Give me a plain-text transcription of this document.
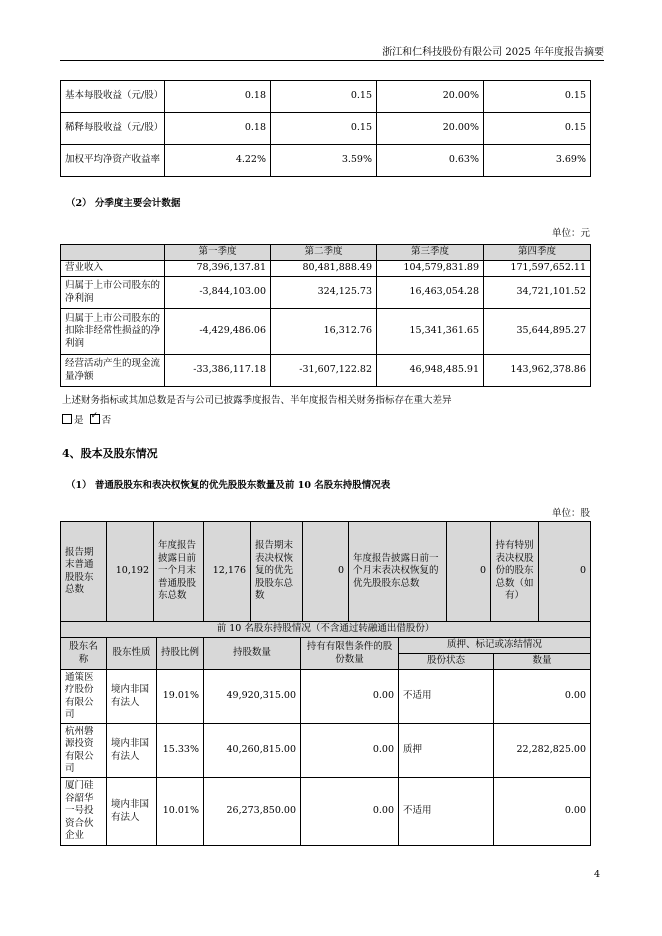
浙江和仁科技股份有限公司 2025 年年度报告摘要
基本每股收益（元/股）	0.18	0.15	20.00%	0.15
稀释每股收益（元/股）	0.18	0.15	20.00%	0.15
加权平均净资产收益率	4.22%	3.59%	0.63%	3.69%
（2） 分季度主要会计数据
单位：元
	第一季度	第二季度	第三季度	第四季度
营业收入	78,396,137.81	80,481,888.49	104,579,831.89	171,597,652.11
归属于上市公司股东的净利润	-3,844,103.00	324,125.73	16,463,054.28	34,721,101.52
归属于上市公司股东的扣除非经常性损益的净利润	-4,429,486.06	16,312.76	15,341,361.65	35,644,895.27
经营活动产生的现金流量净额	-33,386,117.18	-31,607,122.82	46,948,485.91	143,962,378.86
上述财务指标或其加总数是否与公司已披露季度报告、半年度报告相关财务指标存在重大差异
是 ✓ 否
4、股本及股东情况
（1） 普通股股东和表决权恢复的优先股股东数量及前 10 名股东持股情况表
单位：股
报告期末普通股股东总数	10,192	年度报告披露日前一个月末普通股股东总数	12,176	报告期末表决权恢复的优先股股东总数	0	年度报告披露日前一个月末表决权恢复的优先股股东总数	0	持有特别表决权股份的股东总数（如有）	0
前 10 名股东持股情况（不含通过转融通出借股份）						
股东名称	股东性质	持股比例	持股数量	持有有限售条件的股份数量	质押、标记或冻结情况	
					股份状态	数量
通策医疗股份有限公司	境内非国有法人	19.01%	49,920,315.00	0.00	不适用	0.00
杭州磐源投资有限公司	境内非国有法人	15.33%	40,260,815.00	0.00	质押	22,282,825.00
厦门硅谷韶华一号投资合伙企业	境内非国有法人	10.01%	26,273,850.00	0.00	不适用	0.00
4
